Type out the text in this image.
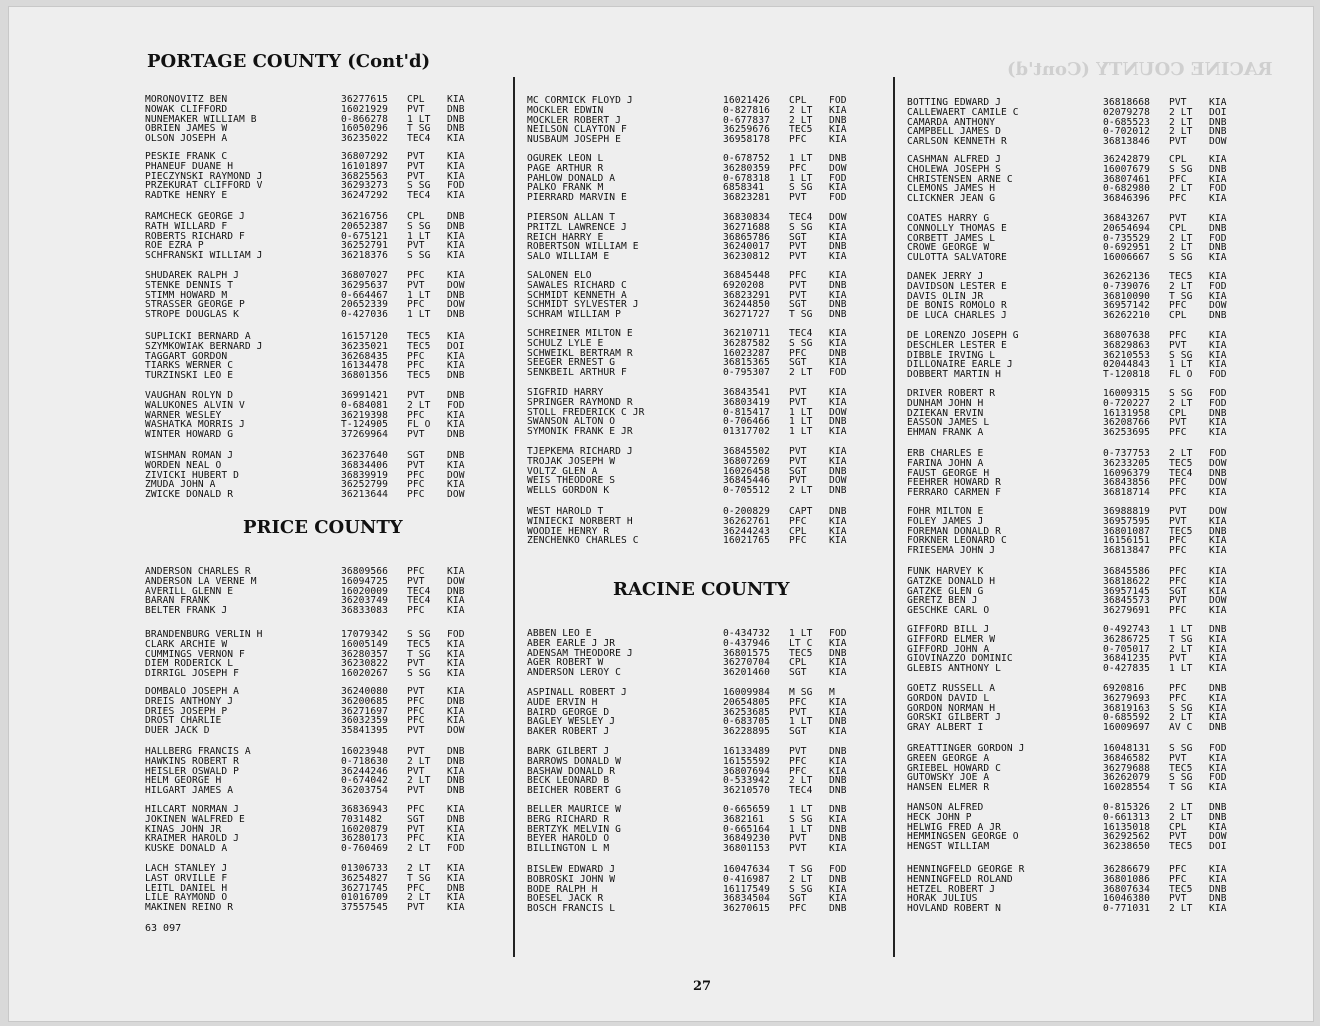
RACINE COUNTY (Cont'd)
PORTAGE COUNTY (Cont'd)
PRICE COUNTY
RACINE COUNTY
MORONOVITZ BEN	36277615	CPL	KIA
NOWAK CLIFFORD	16021929	PVT	DNB
NUNEMAKER WILLIAM B	0-866278	1 LT	DNB
OBRIEN JAMES W	16050296	T SG	DNB
OLSON JOSEPH A	36235022	TEC4	KIA
PESKIE FRANK C	36807292	PVT	KIA
PHANEUF DUANE H	16101897	PVT	KIA
PIECZYNSKI RAYMOND J	36825563	PVT	KIA
PRZEKURAT CLIFFORD V	36293273	S SG	FOD
RADTKE HENRY E	36247292	TEC4	KIA
RAMCHECK GEORGE J	36216756	CPL	DNB
RATH WILLARD F	20652387	S SG	DNB
ROBERTS RICHARD F	0-675121	1 LT	KIA
ROE EZRA P	36252791	PVT	KIA
SCHFRANSKI WILLIAM J	36218376	S SG	KIA
SHUDAREK RALPH J	36807027	PFC	KIA
STENKE DENNIS T	36295637	PVT	DOW
STIMM HOWARD M	0-664467	1 LT	DNB
STRASSER GEORGE P	20652339	PFC	DOW
STROPE DOUGLAS K	0-427036	1 LT	DNB
SUPLICKI BERNARD A	16157120	TEC5	KIA
SZYMKOWIAK BERNARD J	36235021	TEC5	DOI
TAGGART GORDON	36268435	PFC	KIA
TIARKS WERNER C	16134478	PFC	KIA
TURZINSKI LEO E	36801356	TEC5	DNB
VAUGHAN ROLYN D	36991421	PVT	DNB
WALUKONES ALVIN V	0-684081	2 LT	FOD
WARNER WESLEY	36219398	PFC	KIA
WASHATKA MORRIS J	T-124905	FL O	KIA
WINTER HOWARD G	37269964	PVT	DNB
WISHMAN ROMAN J	36237640	SGT	DNB
WORDEN NEAL O	36834406	PVT	KIA
ZIVICKI HUBERT D	36839919	PFC	DOW
ZMUDA JOHN A	36252799	PFC	KIA
ZWICKE DONALD R	36213644	PFC	DOW
ANDERSON CHARLES R	36809566	PFC	KIA
ANDERSON LA VERNE M	16094725	PVT	DOW
AVERILL GLENN E	16020009	TEC4	DNB
BARAN FRANK	36203749	TEC4	KIA
BELTER FRANK J	36833083	PFC	KIA
BRANDENBURG VERLIN H	17079342	S SG	FOD
CLARK ARCHIE W	16005149	TEC5	KIA
CUMMINGS VERNON F	36280357	T SG	KIA
DIEM RODERICK L	36230822	PVT	KIA
DIRRIGL JOSEPH F	16020267	S SG	KIA
DOMBALO JOSEPH A	36240080	PVT	KIA
DREIS ANTHONY J	36200685	PFC	DNB
DRIES JOSEPH P	36271697	PFC	KIA
DROST CHARLIE	36032359	PFC	KIA
DUER JACK D	35841395	PVT	DOW
HALLBERG FRANCIS A	16023948	PVT	DNB
HAWKINS ROBERT R	0-718630	2 LT	DNB
HEISLER OSWALD P	36244246	PVT	KIA
HELM GEORGE H	0-674042	2 LT	DNB
HILGART JAMES A	36203754	PVT	DNB
HILCART NORMAN J	36836943	PFC	KIA
JOKINEN WALFRED E	7031482	SGT	DNB
KINAS JOHN JR	16020879	PVT	KIA
KRAIMER HAROLD J	36280173	PFC	KIA
KUSKE DONALD A	0-760469	2 LT	FOD
LACH STANLEY J	01306733	2 LT	KIA
LAST ORVILLE F	36254827	T SG	KIA
LEITL DANIEL H	36271745	PFC	DNB
LILE RAYMOND O	01016709	2 LT	KIA
MAKINEN REINO R	37557545	PVT	KIA
MC CORMICK FLOYD J	16021426	CPL	FOD
MOCKLER EDWIN	0-827816	2 LT	KIA
MOCKLER ROBERT J	0-677837	2 LT	DNB
NEILSON CLAYTON F	36259676	TEC5	KIA
NUSBAUM JOSEPH E	36958178	PFC	KIA
OGUREK LEON L	0-678752	1 LT	DNB
PAGE ARTHUR R	36280359	PFC	DOW
PAHLOW DONALD A	0-678318	1 LT	FOD
PALKO FRANK M	6858341	S SG	KIA
PIERRARD MARVIN E	36823281	PVT	FOD
PIERSON ALLAN T	36830834	TEC4	DOW
PRITZL LAWRENCE J	36271688	S SG	KIA
REICH HARRY E	36865786	SGT	KIA
ROBERTSON WILLIAM E	36240017	PVT	DNB
SALO WILLIAM E	36230812	PVT	KIA
SALONEN ELO	36845448	PFC	KIA
SAWALES RICHARD C	6920208	PVT	DNB
SCHMIDT KENNETH A	36823291	PVT	KIA
SCHMIDT SYLVESTER J	36244850	SGT	DNB
SCHRAM WILLIAM P	36271727	T SG	DNB
SCHREINER MILTON E	36210711	TEC4	KIA
SCHULZ LYLE E	36287582	S SG	KIA
SCHWEIKL BERTRAM R	16023287	PFC	DNB
SEEGER ERNEST G	36815365	SGT	KIA
SENKBEIL ARTHUR F	0-795307	2 LT	FOD
SIGFRID HARRY	36843541	PVT	KIA
SPRINGER RAYMOND R	36803419	PVT	KIA
STOLL FREDERICK C JR	0-815417	1 LT	DOW
SWANSON ALTON O	0-706466	1 LT	DNB
SYMONIK FRANK E JR	01317702	1 LT	KIA
TJEPKEMA RICHARD J	36845502	PVT	KIA
TROJAK JOSEPH W	36807269	PVT	KIA
VOLTZ GLEN A	16026458	SGT	DNB
WEIS THEODORE S	36845446	PVT	DOW
WELLS GORDON K	0-705512	2 LT	DNB
WEST HAROLD T	0-200829	CAPT	DNB
WINIECKI NORBERT H	36262761	PFC	KIA
WOODIE HENRY R	36244243	CPL	KIA
ZENCHENKO CHARLES C	16021765	PFC	KIA
ABBEN LEO E	0-434732	1 LT	FOD
ABER EARLE J JR	0-437946	LT C	KIA
ADENSAM THEODORE J	36801575	TEC5	DNB
AGER ROBERT W	36270704	CPL	KIA
ANDERSON LEROY C	36201460	SGT	KIA
ASPINALL ROBERT J	16009984	M SG	M
AUDE ERVIN H	20654805	PFC	KIA
BAIRD GEORGE D	36253685	PVT	KIA
BAGLEY WESLEY J	0-683705	1 LT	DNB
BAKER ROBERT J	36228895	SGT	KIA
BARK GILBERT J	16133489	PVT	DNB
BARROWS DONALD W	16155592	PFC	KIA
BASHAW DONALD R	36807694	PFC	KIA
BECK LEONARD B	0-533942	2 LT	DNB
BEICHER ROBERT G	36210570	TEC4	DNB
BELLER MAURICE W	0-665659	1 LT	DNB
BERG RICHARD R	3682161	S SG	KIA
BERTZYK MELVIN G	0-665164	1 LT	DNB
BEYER HAROLD O	36849230	PVT	DNB
BILLINGTON L M	36801153	PVT	KIA
BISLEW EDWARD J	16047634	T SG	FOD
BOBROSKI JOHN W	0-416987	2 LT	DNB
BODE RALPH H	16117549	S SG	KIA
BOESEL JACK R	36834504	SGT	KIA
BOSCH FRANCIS L	36270615	PFC	DNB
BOTTING EDWARD J	36818668	PVT	KIA
CALLEWAERT CAMILE C	02079278	2 LT	DOI
CAMARDA ANTHONY	0-685523	2 LT	DNB
CAMPBELL JAMES D	0-702012	2 LT	DNB
CARLSON KENNETH R	36813846	PVT	DOW
CASHMAN ALFRED J	36242879	CPL	KIA
CHOLEWA JOSEPH S	16007679	S SG	DNB
CHRISTENSEN ARNE C	36807461	PFC	KIA
CLEMONS JAMES H	0-682980	2 LT	FOD
CLICKNER JEAN G	36846396	PFC	KIA
COATES HARRY G	36843267	PVT	KIA
CONNOLLY THOMAS E	20654694	CPL	DNB
CORBETT JAMES L	0-735529	2 LT	FOD
CROWE GEORGE W	0-692951	2 LT	DNB
CULOTTA SALVATORE	16006667	S SG	KIA
DANEK JERRY J	36262136	TEC5	KIA
DAVIDSON LESTER E	0-739076	2 LT	FOD
DAVIS OLIN JR	36810090	T SG	KIA
DE BONIS ROMOLO R	36957142	PFC	DOW
DE LUCA CHARLES J	36262210	CPL	DNB
DE LORENZO JOSEPH G	36807638	PFC	KIA
DESCHLER LESTER E	36829863	PVT	KIA
DIBBLE IRVING L	36210553	S SG	KIA
DILLONAIRE EARLE J	02044843	1 LT	KIA
DOBBERT MARTIN H	T-120818	FL O	FOD
DRIVER ROBERT R	16009315	S SG	FOD
DUNHAM JOHN H	0-720227	2 LT	FOD
DZIEKAN ERVIN	16131958	CPL	DNB
EASSON JAMES L	36208766	PVT	KIA
EHMAN FRANK A	36253695	PFC	KIA
ERB CHARLES E	0-737753	2 LT	FOD
FARINA JOHN A	36233205	TEC5	DOW
FAUST GEORGE H	16096379	TEC4	DNB
FEEHRER HOWARD R	36843856	PFC	DOW
FERRARO CARMEN F	36818714	PFC	KIA
FOHR MILTON E	36988819	PVT	DOW
FOLEY JAMES J	36957595	PVT	KIA
FOREMAN DONALD R	36801087	TEC5	DNB
FORKNER LEONARD C	16156151	PFC	KIA
FRIESEMA JOHN J	36813847	PFC	KIA
FUNK HARVEY K	36845586	PFC	KIA
GATZKE DONALD H	36818622	PFC	KIA
GATZKE GLEN G	36957145	SGT	KIA
GERETZ BEN J	36845573	PVT	DOW
GESCHKE CARL O	36279691	PFC	KIA
GIFFORD BILL J	0-492743	1 LT	DNB
GIFFORD ELMER W	36286725	T SG	KIA
GIFFORD JOHN A	0-705017	2 LT	KIA
GIOVINAZZO DOMINIC	36841235	PVT	KIA
GLEBIS ANTHONY L	0-427835	1 LT	KIA
GOETZ RUSSELL A	6920816	PFC	DNB
GORDON DAVID L	36279693	PFC	KIA
GORDON NORMAN H	36819163	S SG	KIA
GORSKI GILBERT J	0-685592	2 LT	KIA
GRAY ALBERT I	16009697	AV C	DNB
GREATTINGER GORDON J	16048131	S SG	FOD
GREEN GEORGE A	36846582	PVT	KIA
GRIEBEL HOWARD C	36279688	TEC5	KIA
GUTOWSKY JOE A	36262079	S SG	FOD
HANSEN ELMER R	16028554	T SG	KIA
HANSON ALFRED	0-815326	2 LT	DNB
HECK JOHN P	0-661313	2 LT	DNB
HELWIG FRED A JR	16135018	CPL	KIA
HEMMINGSEN GEORGE O	36292562	PVT	DOW
HENGST WILLIAM	36238650	TEC5	DOI
HENNINGFELD GEORGE R	36286679	PFC	KIA
HENNINGFELD ROLAND	36801086	PFC	KIA
HETZEL ROBERT J	36807634	TEC5	DNB
HORAK JULIUS	16046380	PVT	DNB
HOVLAND ROBERT N	0-771031	2 LT	KIA
63 097
27
